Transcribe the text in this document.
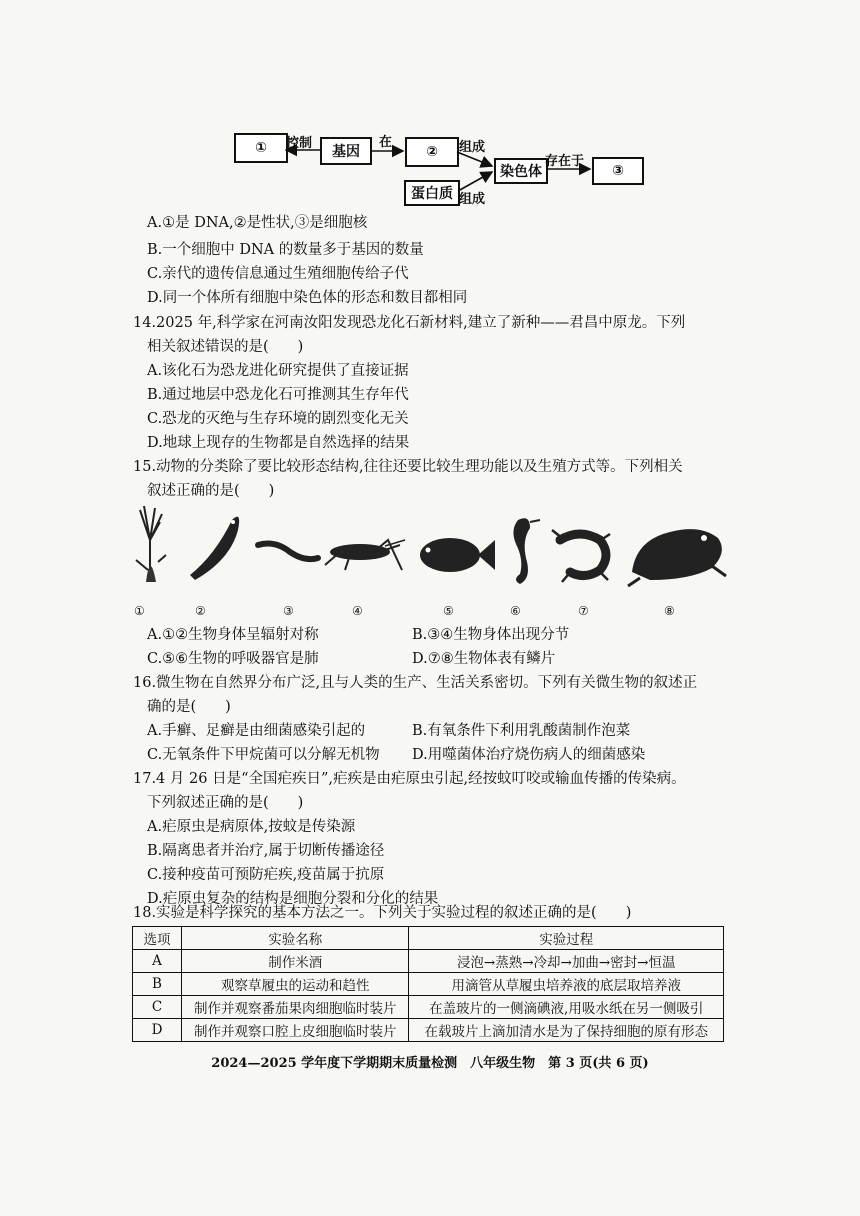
①	基因	②
蛋白质
染色体	③
控制	在	组成
组成
存在于
A.①是 DNA,②是性状,③是细胞核
B.一个细胞中 DNA 的数量多于基因的数量
C.亲代的遗传信息通过生殖细胞传给子代
D.同一个体所有细胞中染色体的形态和数目都相同
14.2025 年,科学家在河南汝阳发现恐龙化石新材料,建立了新种——君昌中原龙。下列
相关叙述错误的是(　　)
A.该化石为恐龙进化研究提供了直接证据
B.通过地层中恐龙化石可推测其生存年代
C.恐龙的灭绝与生存环境的剧烈变化无关
D.地球上现存的生物都是自然选择的结果
15.动物的分类除了要比较形态结构,往往还要比较生理功能以及生殖方式等。下列相关
叙述正确的是(　　)
①	②	③	④	⑤	⑥	⑦	⑧
A.①②生物身体呈辐射对称	B.③④生物身体出现分节
C.⑤⑥生物的呼吸器官是肺	D.⑦⑧生物体表有鳞片
16.微生物在自然界分布广泛,且与人类的生产、生活关系密切。下列有关微生物的叙述正
确的是(　　)
A.手癣、足癣是由细菌感染引起的	B.有氧条件下利用乳酸菌制作泡菜
C.无氧条件下甲烷菌可以分解无机物 D.用噬菌体治疗烧伤病人的细菌感染
17.4 月 26 日是“全国疟疾日”,疟疾是由疟原虫引起,经按蚊叮咬或输血传播的传染病。
下列叙述正确的是(　　)
A.疟原虫是病原体,按蚊是传染源
B.隔离患者并治疗,属于切断传播途径
C.接种疫苗可预防疟疾,疫苗属于抗原
D.疟原虫复杂的结构是细胞分裂和分化的结果
18.实验是科学探究的基本方法之一。下列关于实验过程的叙述正确的是(　　)
选项	实验名称	实验过程
A	制作米酒	浸泡→蒸熟→冷却→加曲→密封→恒温
B	观察草履虫的运动和趋性	用滴管从草履虫培养液的底层取培养液
C	制作并观察番茄果肉细胞临时装片	在盖玻片的一侧滴碘液,用吸水纸在另一侧吸引
D	制作并观察口腔上皮细胞临时装片	在载玻片上滴加清水是为了保持细胞的原有形态
2024—2025 学年度下学期期末质量检测　八年级生物　第 3 页(共 6 页)
